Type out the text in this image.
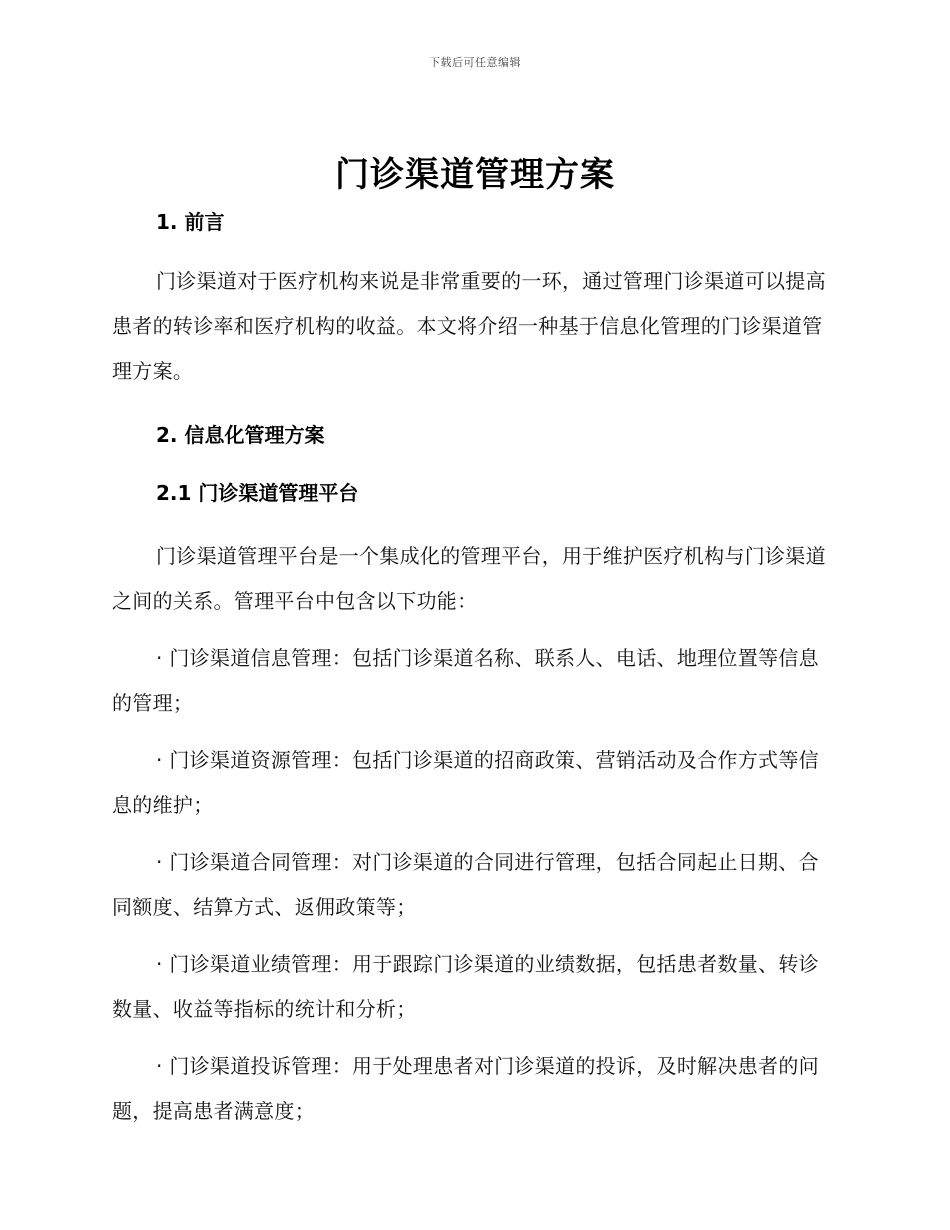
下载后可任意编辑
门诊渠道管理方案

1. 前言

门诊渠道对于医疗机构来说是非常重要的一环，通过管理门诊渠道可以提高患者的转诊率和医疗机构的收益。本文将介绍一种基于信息化管理的门诊渠道管理方案。

2. 信息化管理方案

2.1 门诊渠道管理平台

门诊渠道管理平台是一个集成化的管理平台，用于维护医疗机构与门诊渠道之间的关系。管理平台中包含以下功能：

· 门诊渠道信息管理：包括门诊渠道名称、联系人、电话、地理位置等信息的管理；

· 门诊渠道资源管理：包括门诊渠道的招商政策、营销活动及合作方式等信息的维护；

· 门诊渠道合同管理：对门诊渠道的合同进行管理，包括合同起止日期、合同额度、结算方式、返佣政策等；

· 门诊渠道业绩管理：用于跟踪门诊渠道的业绩数据，包括患者数量、转诊数量、收益等指标的统计和分析；

· 门诊渠道投诉管理：用于处理患者对门诊渠道的投诉，及时解决患者的问题，提高患者满意度；
